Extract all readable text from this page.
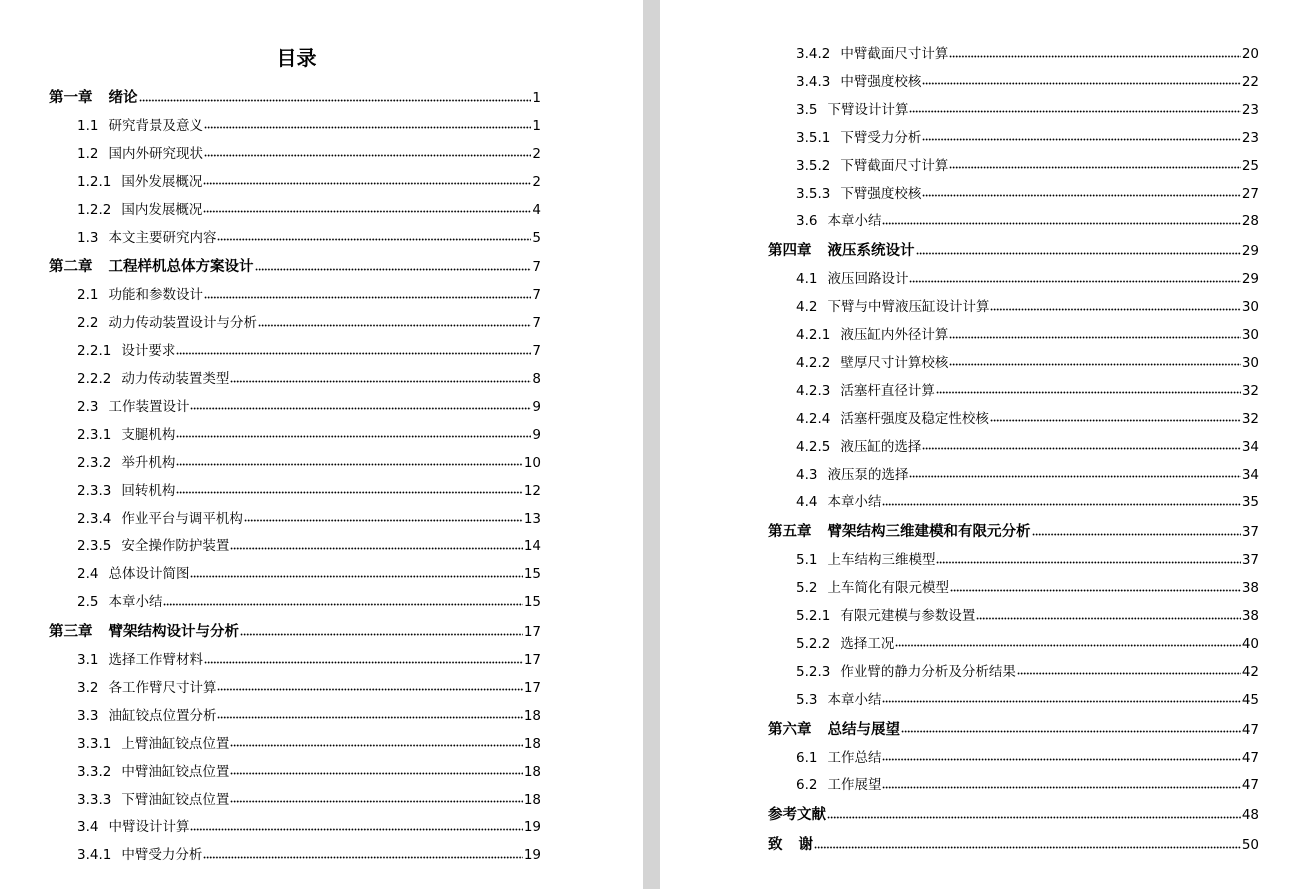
目录
第一章 绪论	1
1.1 研究背景及意义	1
1.2 国内外研究现状	2
1.2.1 国外发展概况	2
1.2.2 国内发展概况	4
1.3 本文主要研究内容	5
第二章 工程样机总体方案设计	7
2.1 功能和参数设计	7
2.2 动力传动装置设计与分析	7
2.2.1 设计要求	7
2.2.2 动力传动装置类型	8
2.3 工作装置设计	9
2.3.1 支腿机构	9
2.3.2 举升机构	10
2.3.3 回转机构	12
2.3.4 作业平台与调平机构	13
2.3.5 安全操作防护装置	14
2.4 总体设计简图	15
2.5 本章小结	15
第三章 臂架结构设计与分析	17
3.1 选择工作臂材料	17
3.2 各工作臂尺寸计算	17
3.3 油缸铰点位置分析	18
3.3.1 上臂油缸铰点位置	18
3.3.2 中臂油缸铰点位置	18
3.3.3 下臂油缸铰点位置	18
3.4 中臂设计计算	19
3.4.1 中臂受力分析	19
3.4.2 中臂截面尺寸计算	20
3.4.3 中臂强度校核	22
3.5 下臂设计计算	23
3.5.1 下臂受力分析	23
3.5.2 下臂截面尺寸计算	25
3.5.3 下臂强度校核	27
3.6 本章小结	28
第四章 液压系统设计	29
4.1 液压回路设计	29
4.2 下臂与中臂液压缸设计计算	30
4.2.1 液压缸内外径计算	30
4.2.2 壁厚尺寸计算校核	30
4.2.3 活塞杆直径计算	32
4.2.4 活塞杆强度及稳定性校核	32
4.2.5 液压缸的选择	34
4.3 液压泵的选择	34
4.4 本章小结	35
第五章 臂架结构三维建模和有限元分析	37
5.1 上车结构三维模型	37
5.2 上车简化有限元模型	38
5.2.1 有限元建模与参数设置	38
5.2.2 选择工况	40
5.2.3 作业臂的静力分析及分析结果	42
5.3 本章小结	45
第六章 总结与展望	47
6.1 工作总结	47
6.2 工作展望	47
参考文献	48
致 谢	50
